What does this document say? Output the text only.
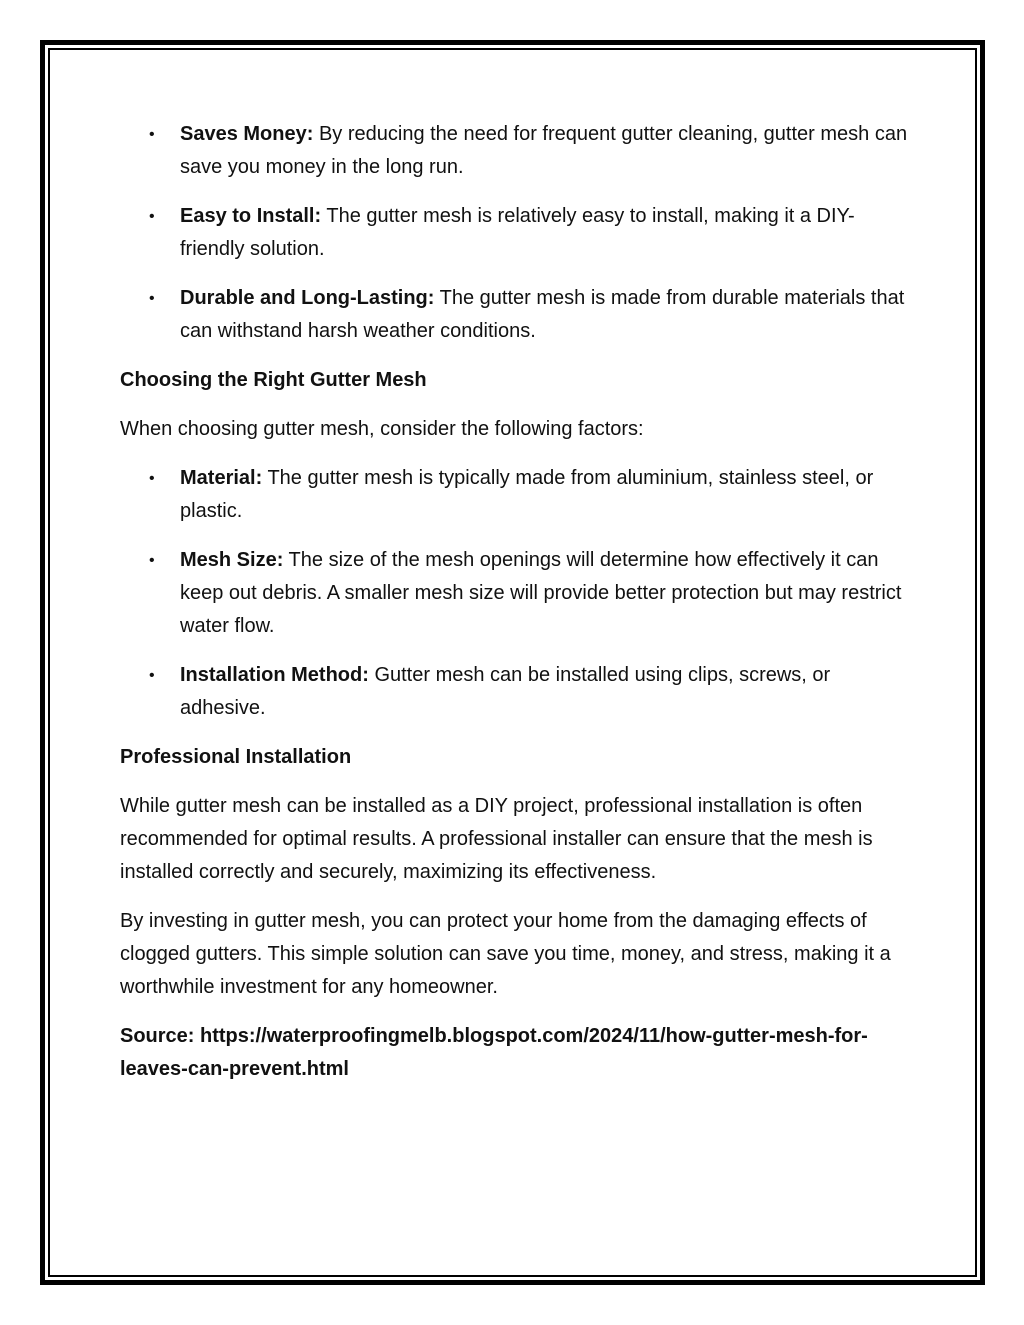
• Saves Money: By reducing the need for frequent gutter cleaning, gutter mesh can save you money in the long run.
• Easy to Install: The gutter mesh is relatively easy to install, making it a DIY-friendly solution.
• Durable and Long-Lasting: The gutter mesh is made from durable materials that can withstand harsh weather conditions.

Choosing the Right Gutter Mesh

When choosing gutter mesh, consider the following factors:

• Material: The gutter mesh is typically made from aluminium, stainless steel, or plastic.
• Mesh Size: The size of the mesh openings will determine how effectively it can keep out debris. A smaller mesh size will provide better protection but may restrict water flow.
• Installation Method: Gutter mesh can be installed using clips, screws, or adhesive.

Professional Installation

While gutter mesh can be installed as a DIY project, professional installation is often recommended for optimal results. A professional installer can ensure that the mesh is installed correctly and securely, maximizing its effectiveness.

By investing in gutter mesh, you can protect your home from the damaging effects of clogged gutters. This simple solution can save you time, money, and stress, making it a worthwhile investment for any homeowner.

Source: https://waterproofingmelb.blogspot.com/2024/11/how-gutter-mesh-for-leaves-can-prevent.html
